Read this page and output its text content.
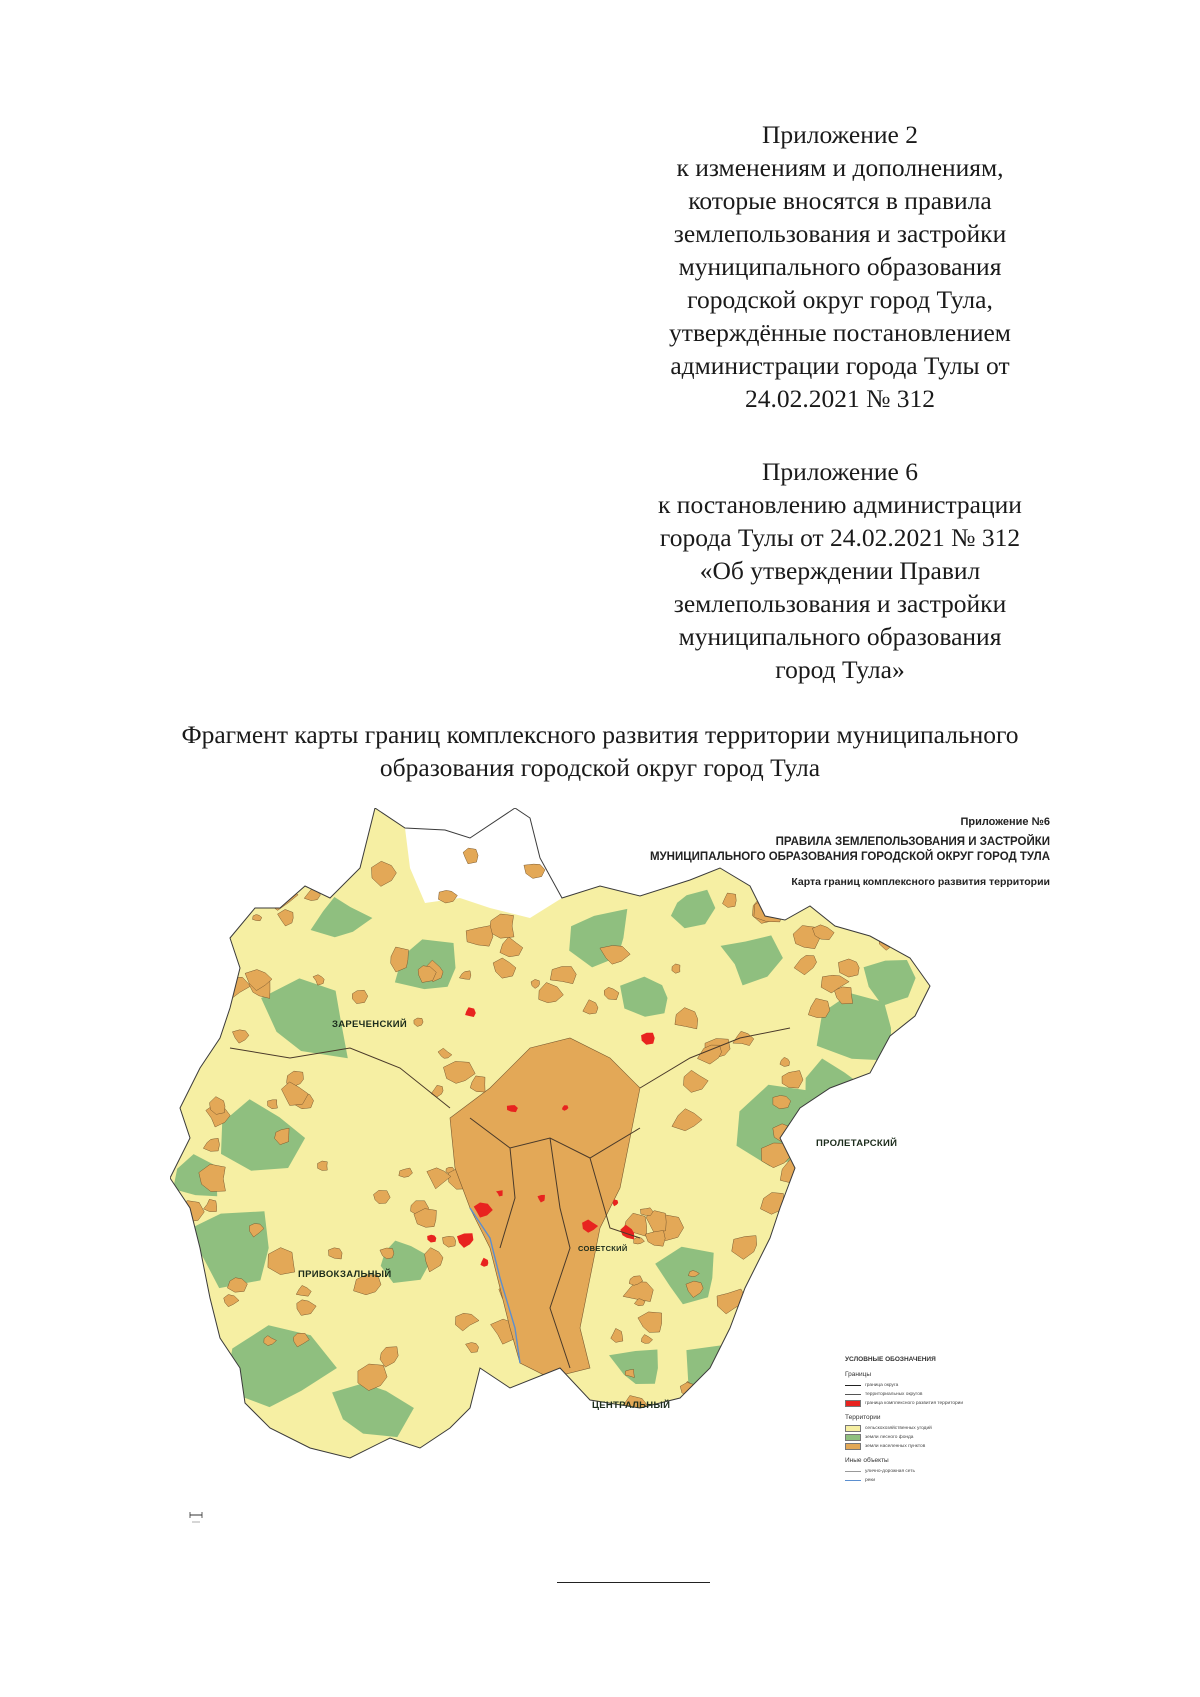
Приложение 2
к изменениям и дополнениям,
которые вносятся в правила
землепользования и застройки
муниципального образования
городской округ город Тула,
утверждённые постановлением
администрации города Тулы от
24.02.2021 № 312
Приложение 6
к постановлению администрации
города Тулы от 24.02.2021 № 312
«Об утверждении Правил
землепользования и застройки
муниципального образования
город Тула»
Фрагмент карты границ комплексного развития территории муниципального
образования городской округ город Тула
Приложение №6
ПРАВИЛА ЗЕМЛЕПОЛЬЗОВАНИЯ И ЗАСТРОЙКИ
МУНИЦИПАЛЬНОГО ОБРАЗОВАНИЯ ГОРОДСКОЙ ОКРУГ ГОРОД ТУЛА
Карта границ комплексного развития территории
ЗАРЕЧЕНСКИЙ
ПРОЛЕТАРСКИЙ
ПРИВОКЗАЛЬНЫЙ
СОВЕТСКИЙ
ЦЕНТРАЛЬНЫЙ
УСЛОВНЫЕ ОБОЗНАЧЕНИЯ
Границы
граница округа
территориальных округов
граница комплексного развития территории
Территории
сельскохозяйственных угодий
земли лесного фонда
земли населенных пунктов
Иные объекты
улично-дорожная сеть
реки
